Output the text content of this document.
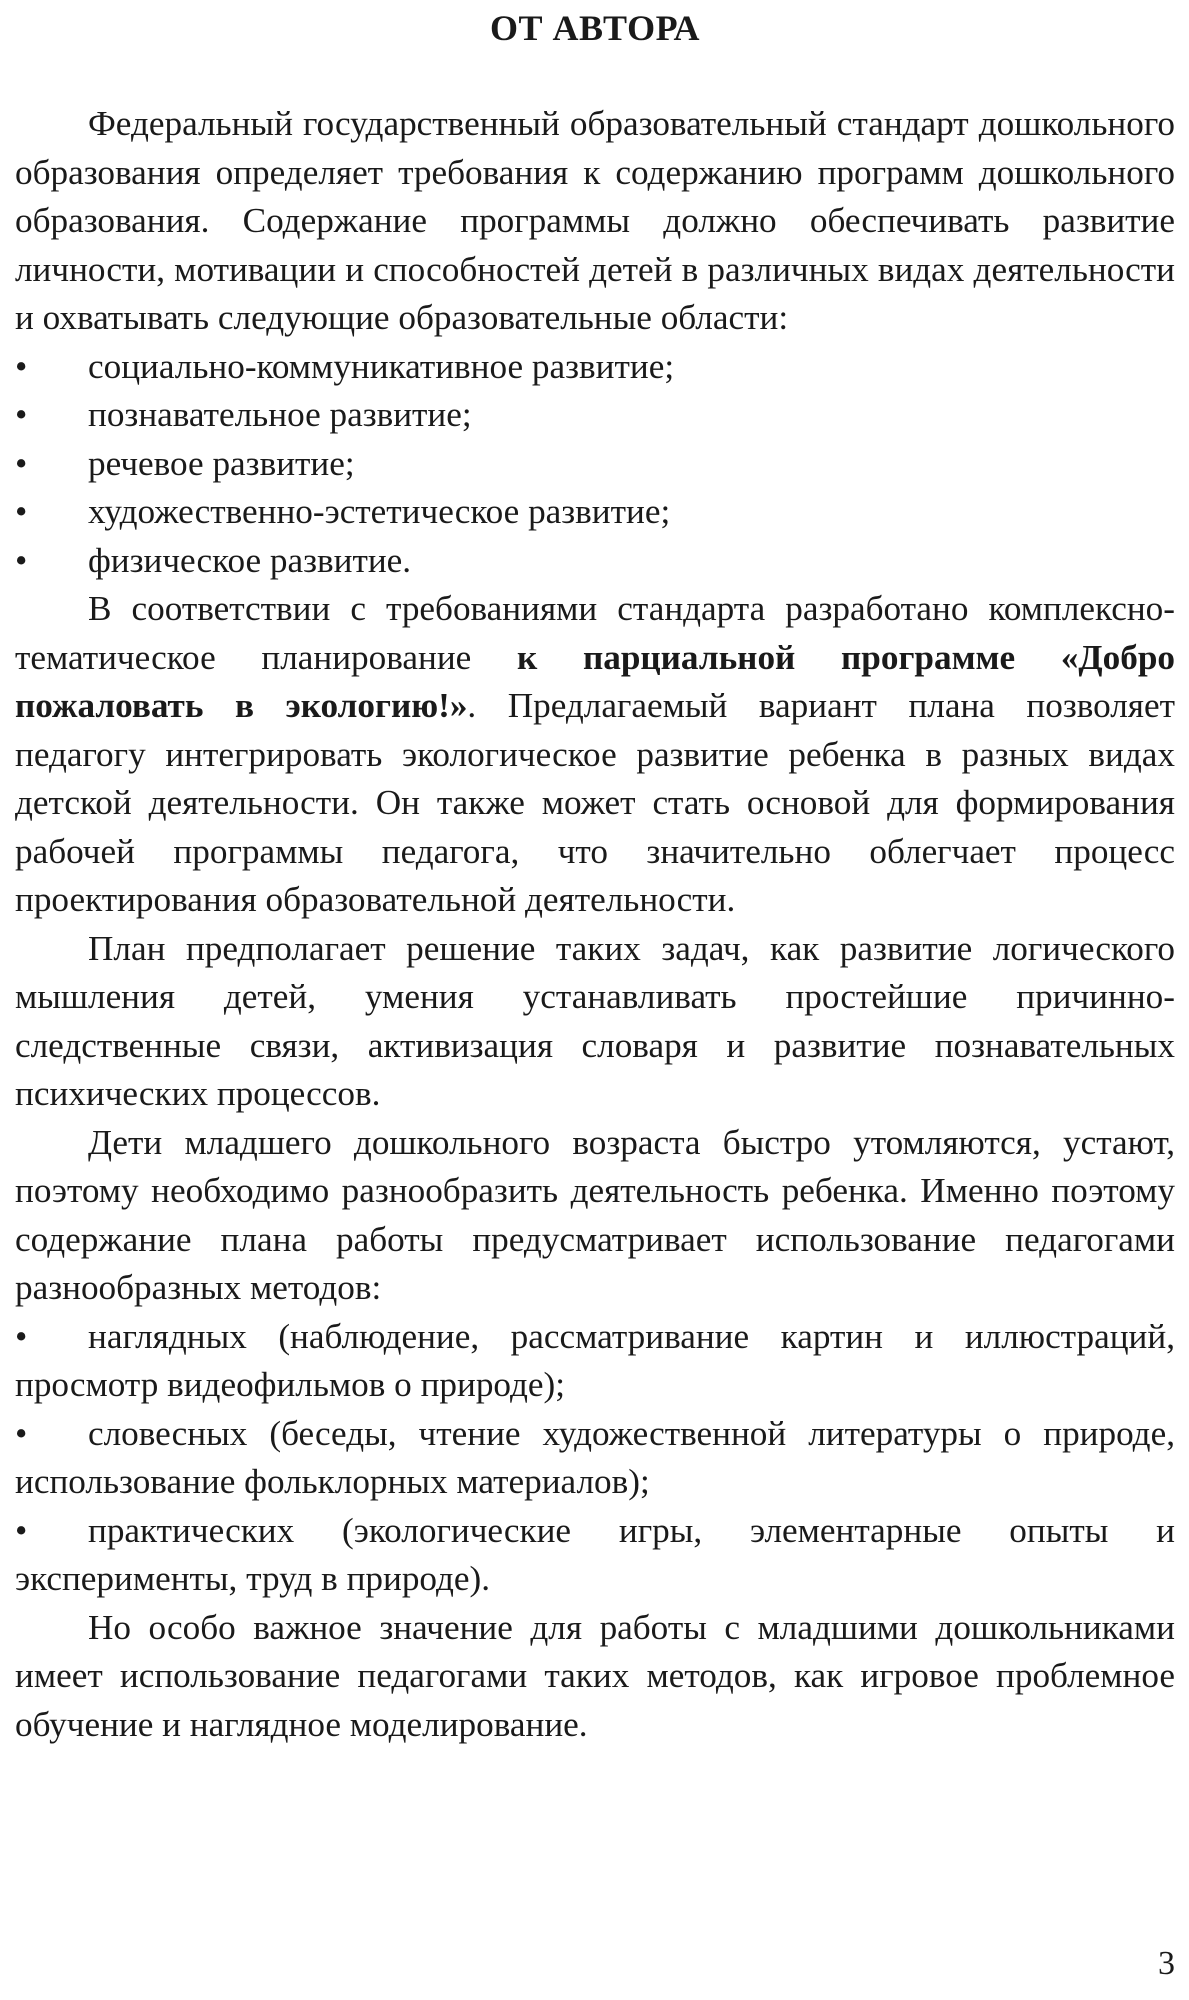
ОТ АВТОРА

Федеральный государственный образовательный стандарт дошкольного образования определяет требования к содержанию программ дошкольного образования. Содержание программы должно обеспечивать развитие личности, мотивации и способностей детей в различных видах деятельности и охватывать следующие образовательные области:

•	социально-коммуникативное развитие;
•	познавательное развитие;
•	речевое развитие;
•	художественно-эстетическое развитие;
•	физическое развитие.

В соответствии с требованиями стандарта разработано комплексно-тематическое планирование к парциальной программе «Добро пожаловать в экологию!». Предлагаемый вариант плана позволяет педагогу интегрировать экологическое развитие ребенка в разных видах детской деятельности. Он также может стать основой для формирования рабочей программы педагога, что значительно облегчает процесс проектирования образовательной деятельности.

План предполагает решение таких задач, как развитие логического мышления детей, умения устанавливать простейшие причинно-следственные связи, активизация словаря и развитие познавательных психических процессов.

Дети младшего дошкольного возраста быстро утомляются, устают, поэтому необходимо разнообразить деятельность ребенка. Именно поэтому содержание плана работы предусматривает использование педагогами разнообразных методов:

• наглядных (наблюдение, рассматривание картин и иллюстраций, просмотр видеофильмов о природе);

• словесных (беседы, чтение художественной литературы о природе, использование фольклорных материалов);

• практических (экологические игры, элементарные опыты и эксперименты, труд в природе).

Но особо важное значение для работы с младшими дошкольниками имеет использование педагогами таких методов, как игровое проблемное обучение и наглядное моделирование.

3
